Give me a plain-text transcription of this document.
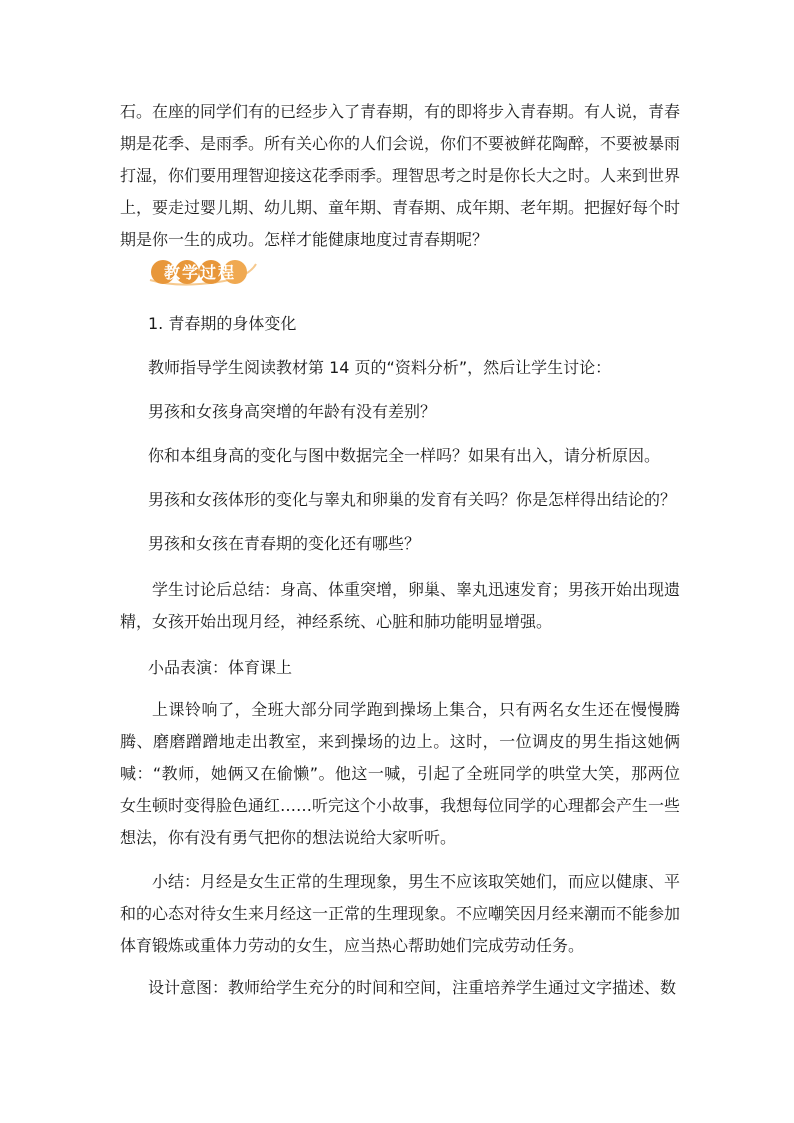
石。在座的同学们有的已经步入了青春期，有的即将步入青春期。有人说，青春期是花季、是雨季。所有关心你的人们会说，你们不要被鲜花陶醉，不要被暴雨打湿，你们要用理智迎接这花季雨季。理智思考之时是你长大之时。人来到世界上，要走过婴儿期、幼儿期、童年期、青春期、成年期、老年期。把握好每个时期是你一生的成功。怎样才能健康地度过青春期呢？

教学过程

1. 青春期的身体变化

教师指导学生阅读教材第 14 页的“资料分析”，然后让学生讨论：

男孩和女孩身高突增的年龄有没有差别？

你和本组身高的变化与图中数据完全一样吗？如果有出入，请分析原因。

男孩和女孩体形的变化与睾丸和卵巢的发育有关吗？你是怎样得出结论的？

男孩和女孩在青春期的变化还有哪些？

学生讨论后总结：身高、体重突增，卵巢、睾丸迅速发育；男孩开始出现遗精，女孩开始出现月经，神经系统、心脏和肺功能明显增强。

小品表演：体育课上

上课铃响了，全班大部分同学跑到操场上集合，只有两名女生还在慢慢腾腾、磨磨蹭蹭地走出教室，来到操场的边上。这时，一位调皮的男生指这她俩喊：“教师，她俩又在偷懒”。他这一喊，引起了全班同学的哄堂大笑，那两位女生顿时变得脸色通红……听完这个小故事，我想每位同学的心理都会产生一些想法，你有没有勇气把你的想法说给大家听听。

小结：月经是女生正常的生理现象，男生不应该取笑她们，而应以健康、平和的心态对待女生来月经这一正常的生理现象。不应嘲笑因月经来潮而不能参加体育锻炼或重体力劳动的女生，应当热心帮助她们完成劳动任务。

设计意图：教师给学生充分的时间和空间，注重培养学生通过文字描述、数
